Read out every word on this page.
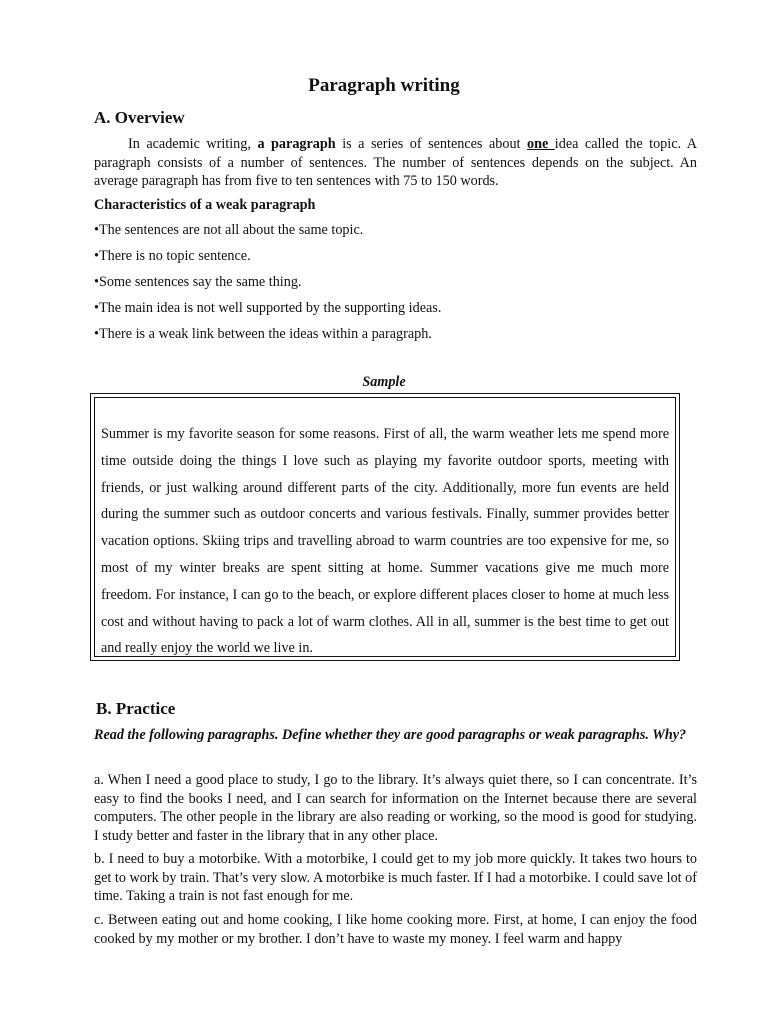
Paragraph writing
A. Overview
In academic writing, a paragraph is a series of sentences about one idea called the topic. A paragraph consists of a number of sentences. The number of sentences depends on the subject. An average paragraph has from five to ten sentences with 75 to 150 words.
Characteristics of a weak paragraph
•The sentences are not all about the same topic.
•There is no topic sentence.
•Some sentences say the same thing.
•The main idea is not well supported by the supporting ideas.
•There is a weak link between the ideas within a paragraph.
Sample
Summer is my favorite season for some reasons. First of all, the warm weather lets me spend more time outside doing the things I love such as playing my favorite outdoor sports, meeting with friends, or just walking around different parts of the city. Additionally, more fun events are held during the summer such as outdoor concerts and various festivals. Finally, summer provides better vacation options. Skiing trips and travelling abroad to warm countries are too expensive for me, so most of my winter breaks are spent sitting at home. Summer vacations give me much more freedom. For instance, I can go to the beach, or explore different places closer to home at much less cost and without having to pack a lot of warm clothes. All in all, summer is the best time to get out and really enjoy the world we live in.
B. Practice
Read the following paragraphs. Define whether they are good paragraphs or weak paragraphs. Why?
a. When I need a good place to study, I go to the library. It’s always quiet there, so I can concentrate. It’s easy to find the books I need, and I can search for information on the Internet because there are several computers. The other people in the library are also reading or working, so the mood is good for studying. I study better and faster in the library that in any other place.
b. I need to buy a motorbike. With a motorbike, I could get to my job more quickly. It takes two hours to get to work by train. That’s very slow. A motorbike is much faster. If I had a motorbike. I could save lot of time. Taking a train is not fast enough for me.
c. Between eating out and home cooking, I like home cooking more. First, at home, I can enjoy the food cooked by my mother or my brother. I don’t have to waste my money. I feel warm and happy
